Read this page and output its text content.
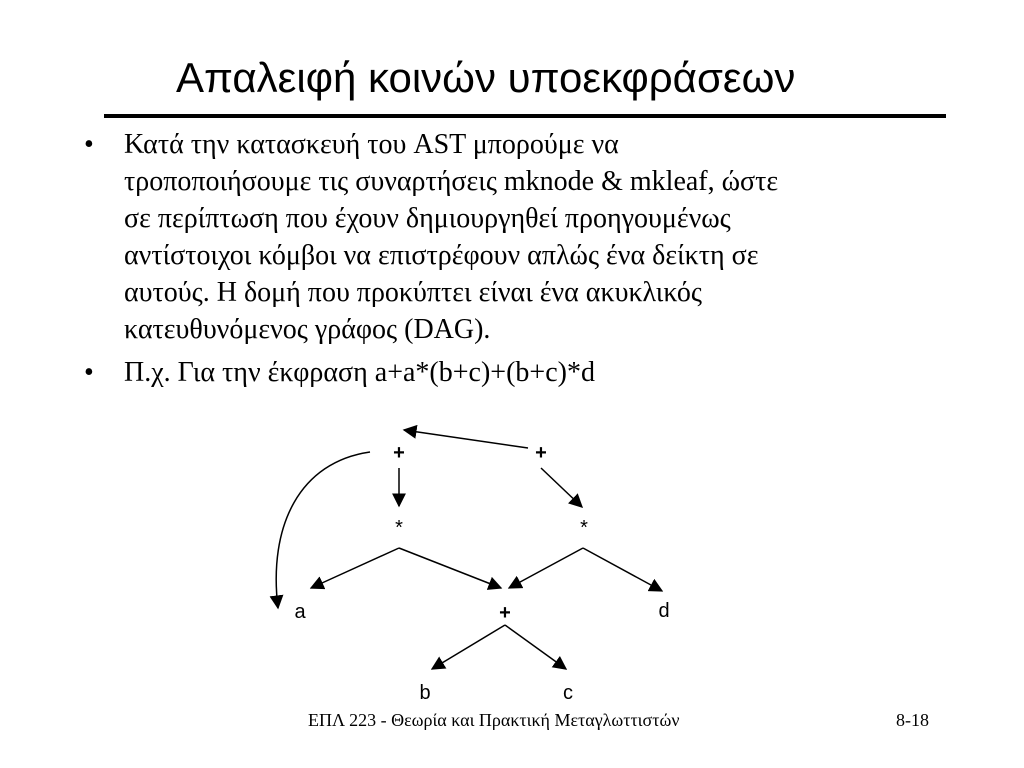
Απαλειφή κοινών υποεκφράσεων
• Κατά την κατασκευή του AST μπορούμε να
τροποποιήσουμε τις συναρτήσεις mknode & mkleaf, ώστε
σε περίπτωση που έχουν δημιουργηθεί προηγουμένως
αντίστοιχοι κόμβοι να επιστρέφουν απλώς ένα δείκτη σε
αυτούς. Η δομή που προκύπτει είναι ένα ακυκλικός
κατευθυνόμενος γράφος (DAG).
• Π.χ. Για την έκφραση a+a*(b+c)+(b+c)*d
+	+
*	*
a	+	d
b	c
ΕΠΛ 223 - Θεωρία και Πρακτική Μεταγλωττιστών	8-18
